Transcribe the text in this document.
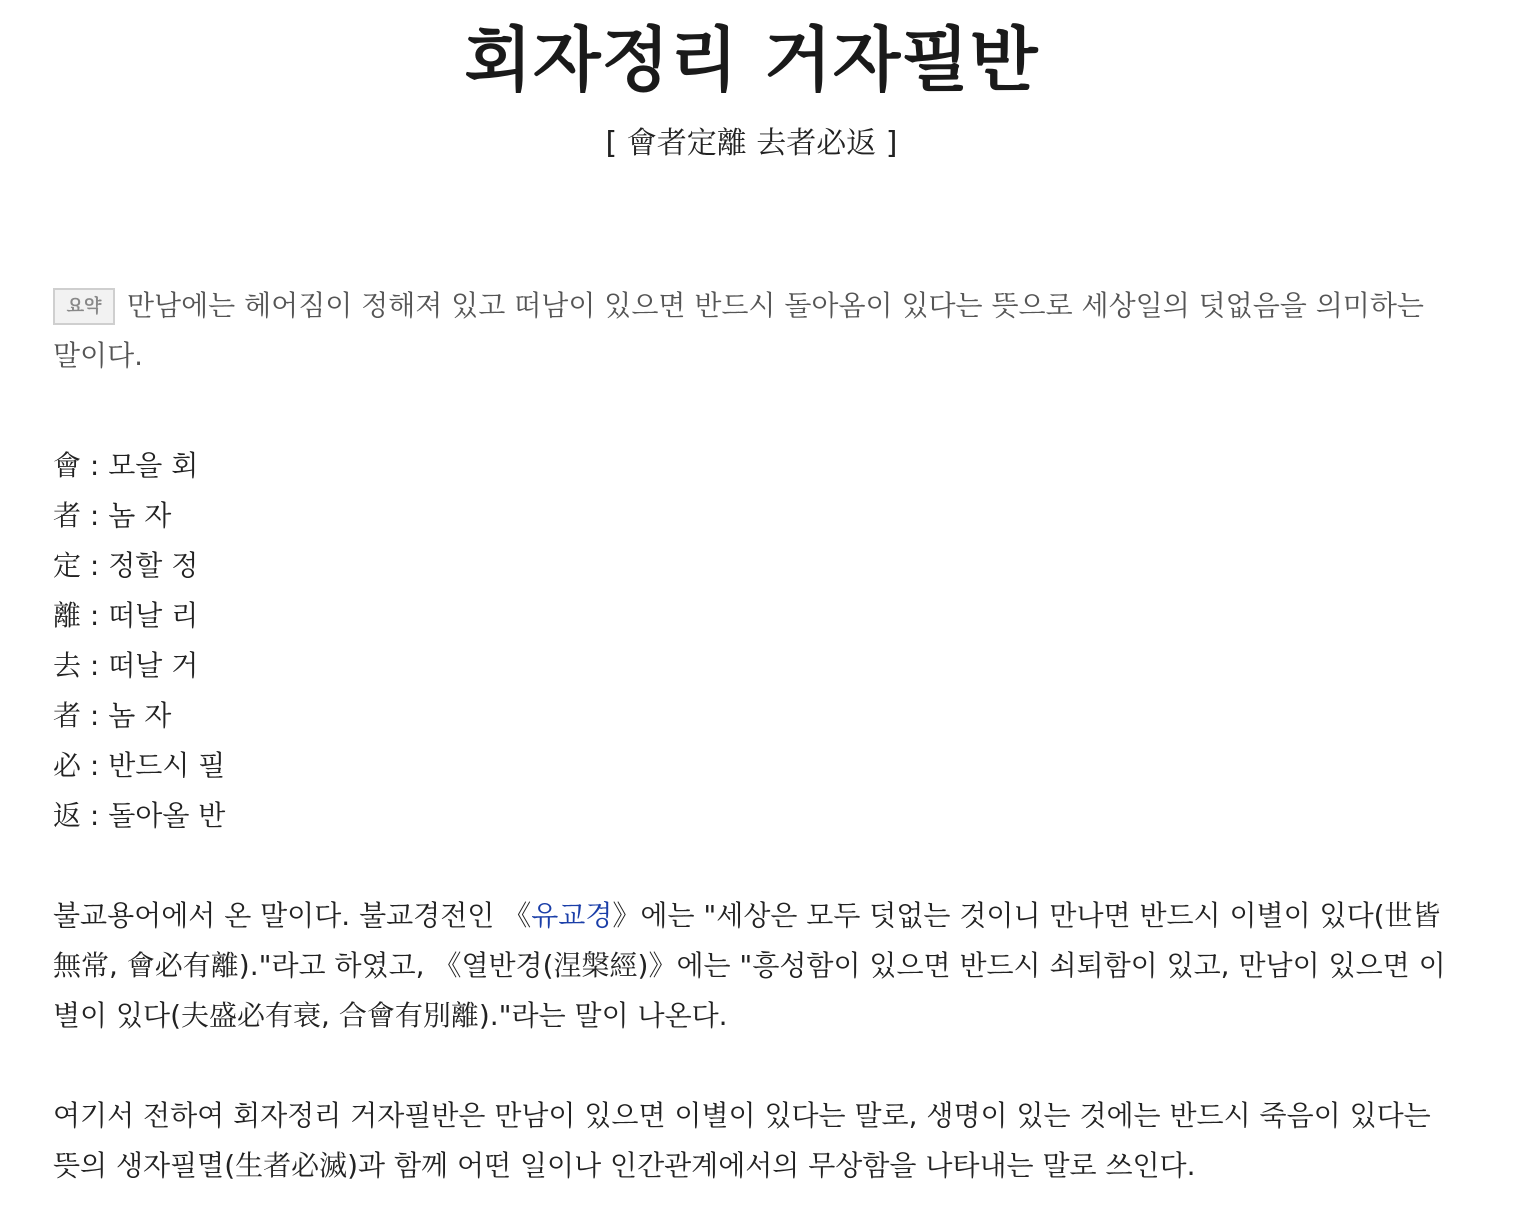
회자정리 거자필반
[ 會者定離 去者必返 ]

요약 만남에는 헤어짐이 정해져 있고 떠남이 있으면 반드시 돌아옴이 있다는 뜻으로 세상일의 덧없음을 의미하는 말이다.

會 : 모을 회
者 : 놈 자
定 : 정할 정
離 : 떠날 리
去 : 떠날 거
者 : 놈 자
必 : 반드시 필
返 : 돌아올 반

불교용어에서 온 말이다. 불교경전인 《유교경》에는 "세상은 모두 덧없는 것이니 만나면 반드시 이별이 있다(世皆無常, 會必有離)."라고 하였고, 《열반경(涅槃經)》에는 "흥성함이 있으면 반드시 쇠퇴함이 있고, 만남이 있으면 이별이 있다(夫盛必有衰, 合會有別離)."라는 말이 나온다.

여기서 전하여 회자정리 거자필반은 만남이 있으면 이별이 있다는 말로, 생명이 있는 것에는 반드시 죽음이 있다는 뜻의 생자필멸(生者必滅)과 함께 어떤 일이나 인간관계에서의 무상함을 나타내는 말로 쓰인다.
